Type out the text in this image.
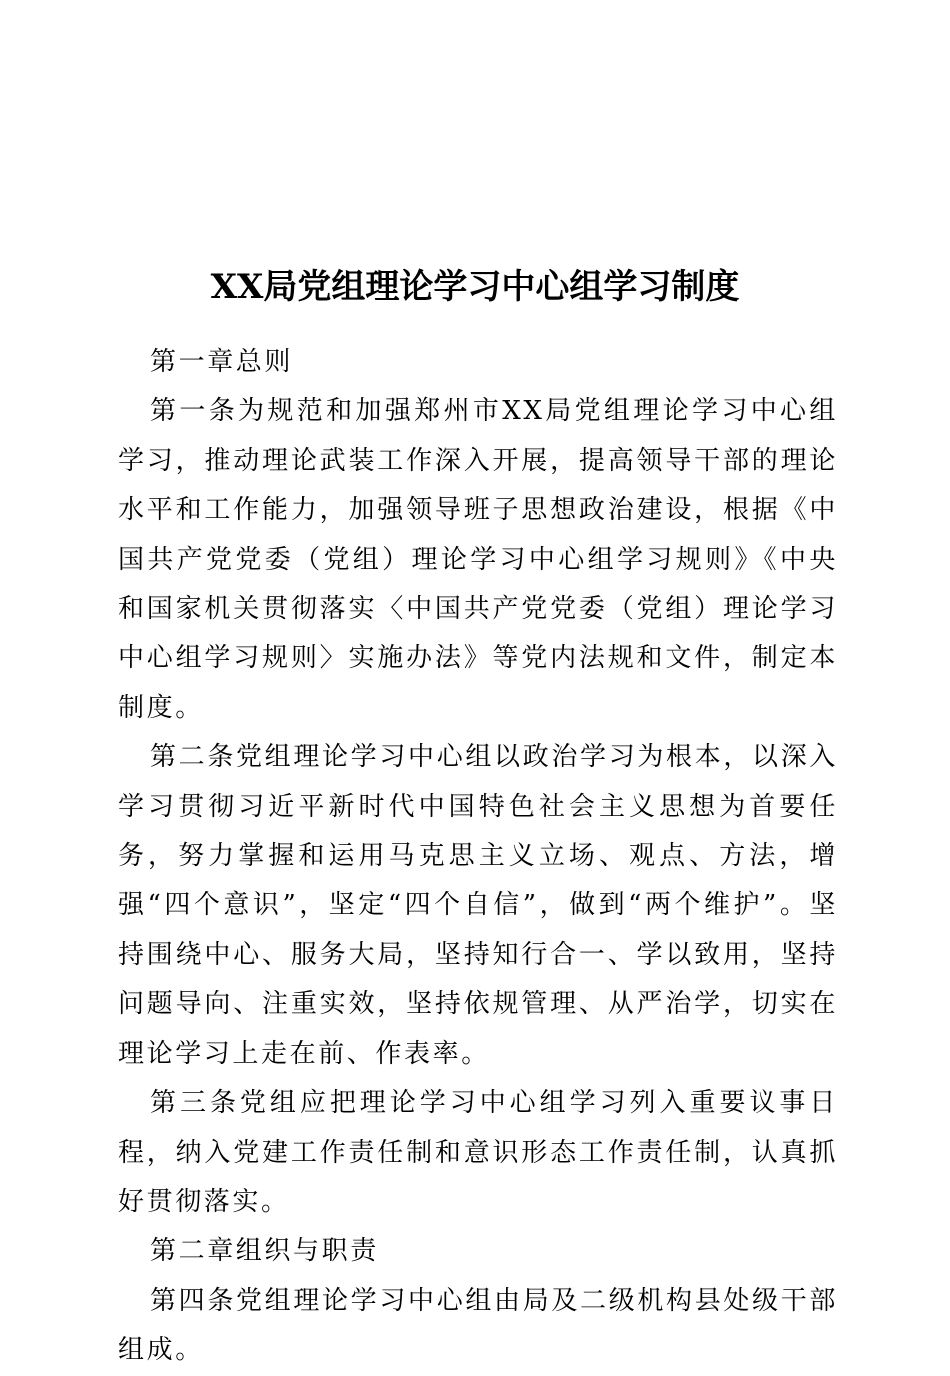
XX局党组理论学习中心组学习制度

第一章总则

第一条为规范和加强郑州市XX局党组理论学习中心组学习，推动理论武装工作深入开展，提高领导干部的理论水平和工作能力，加强领导班子思想政治建设，根据《中国共产党党委（党组）理论学习中心组学习规则》《中央和国家机关贯彻落实〈中国共产党党委（党组）理论学习中心组学习规则〉实施办法》等党内法规和文件，制定本制度。

第二条党组理论学习中心组以政治学习为根本，以深入学习贯彻习近平新时代中国特色社会主义思想为首要任务，努力掌握和运用马克思主义立场、观点、方法，增强“四个意识”，坚定“四个自信”，做到“两个维护”。坚持围绕中心、服务大局，坚持知行合一、学以致用，坚持问题导向、注重实效，坚持依规管理、从严治学，切实在理论学习上走在前、作表率。

第三条党组应把理论学习中心组学习列入重要议事日程，纳入党建工作责任制和意识形态工作责任制，认真抓好贯彻落实。

第二章组织与职责

第四条党组理论学习中心组由局及二级机构县处级干部组成。
